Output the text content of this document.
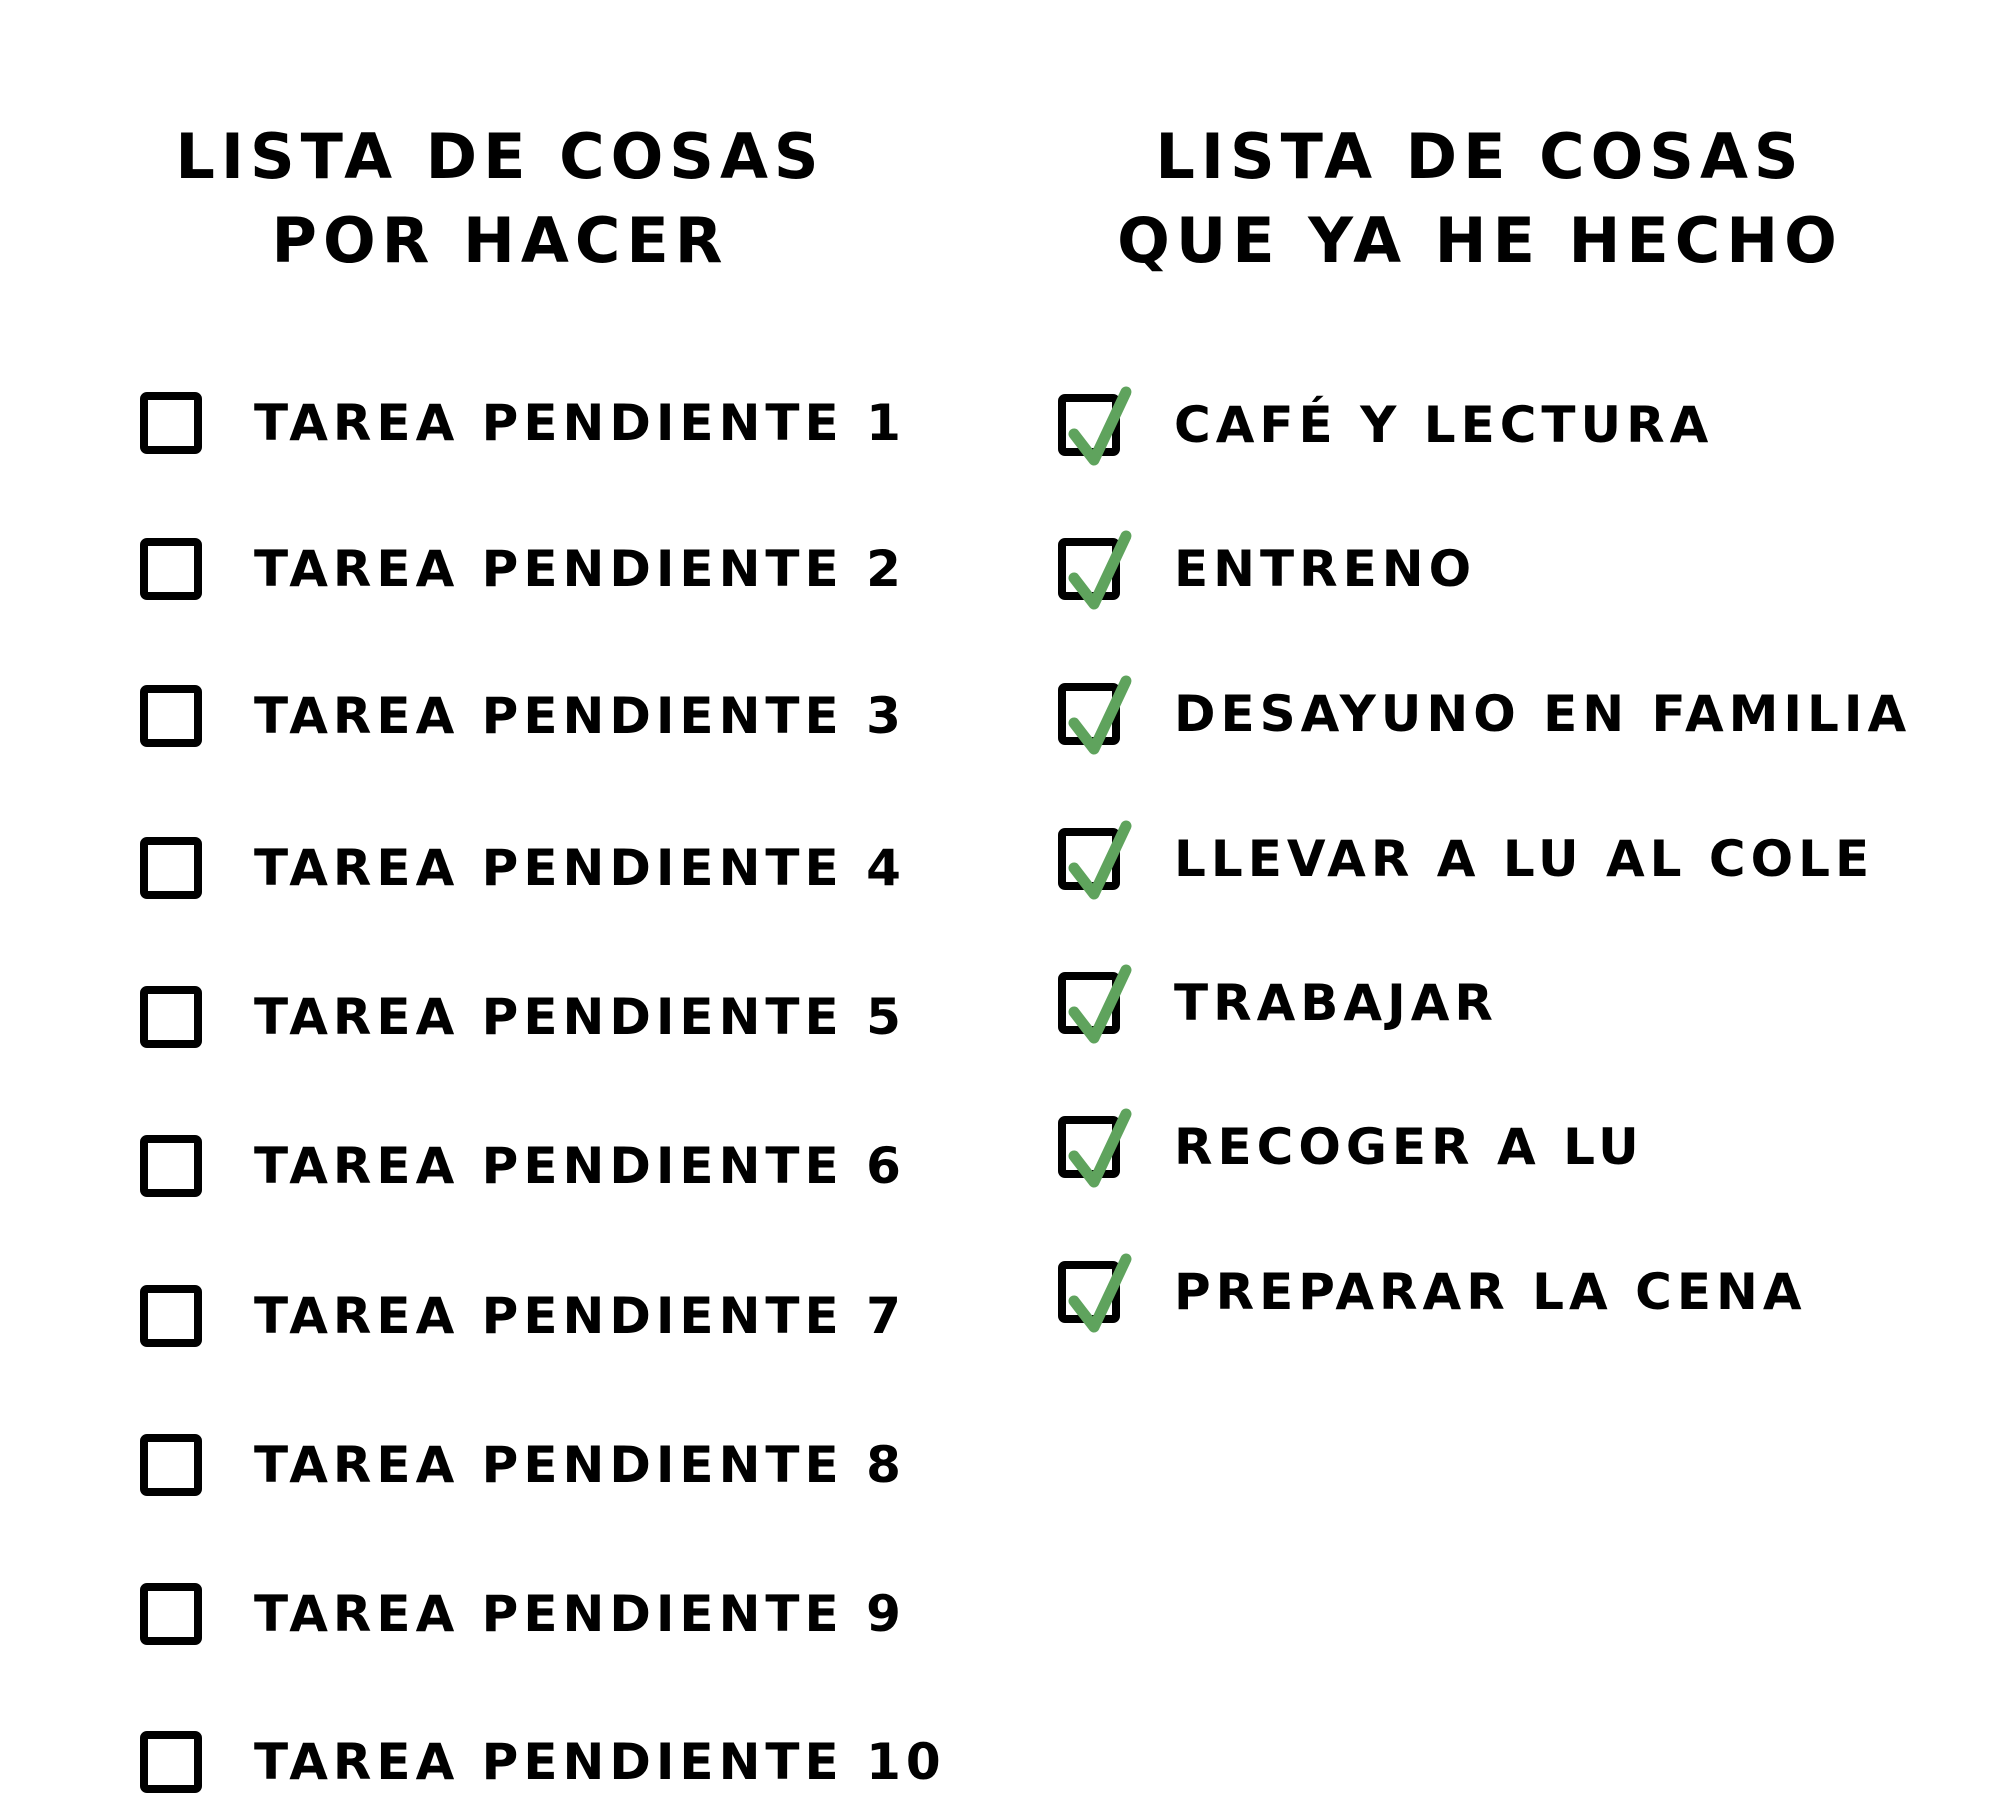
LISTA DE COSAS
POR HACER
TAREA PENDIENTE 1
TAREA PENDIENTE 2
TAREA PENDIENTE 3
TAREA PENDIENTE 4
TAREA PENDIENTE 5
TAREA PENDIENTE 6
TAREA PENDIENTE 7
TAREA PENDIENTE 8
TAREA PENDIENTE 9
TAREA PENDIENTE 10
LISTA DE COSAS
QUE YA HE HECHO
CAFÉ Y LECTURA
ENTRENO
DESAYUNO EN FAMILIA
LLEVAR A LU AL COLE
TRABAJAR
RECOGER A LU
PREPARAR LA CENA
